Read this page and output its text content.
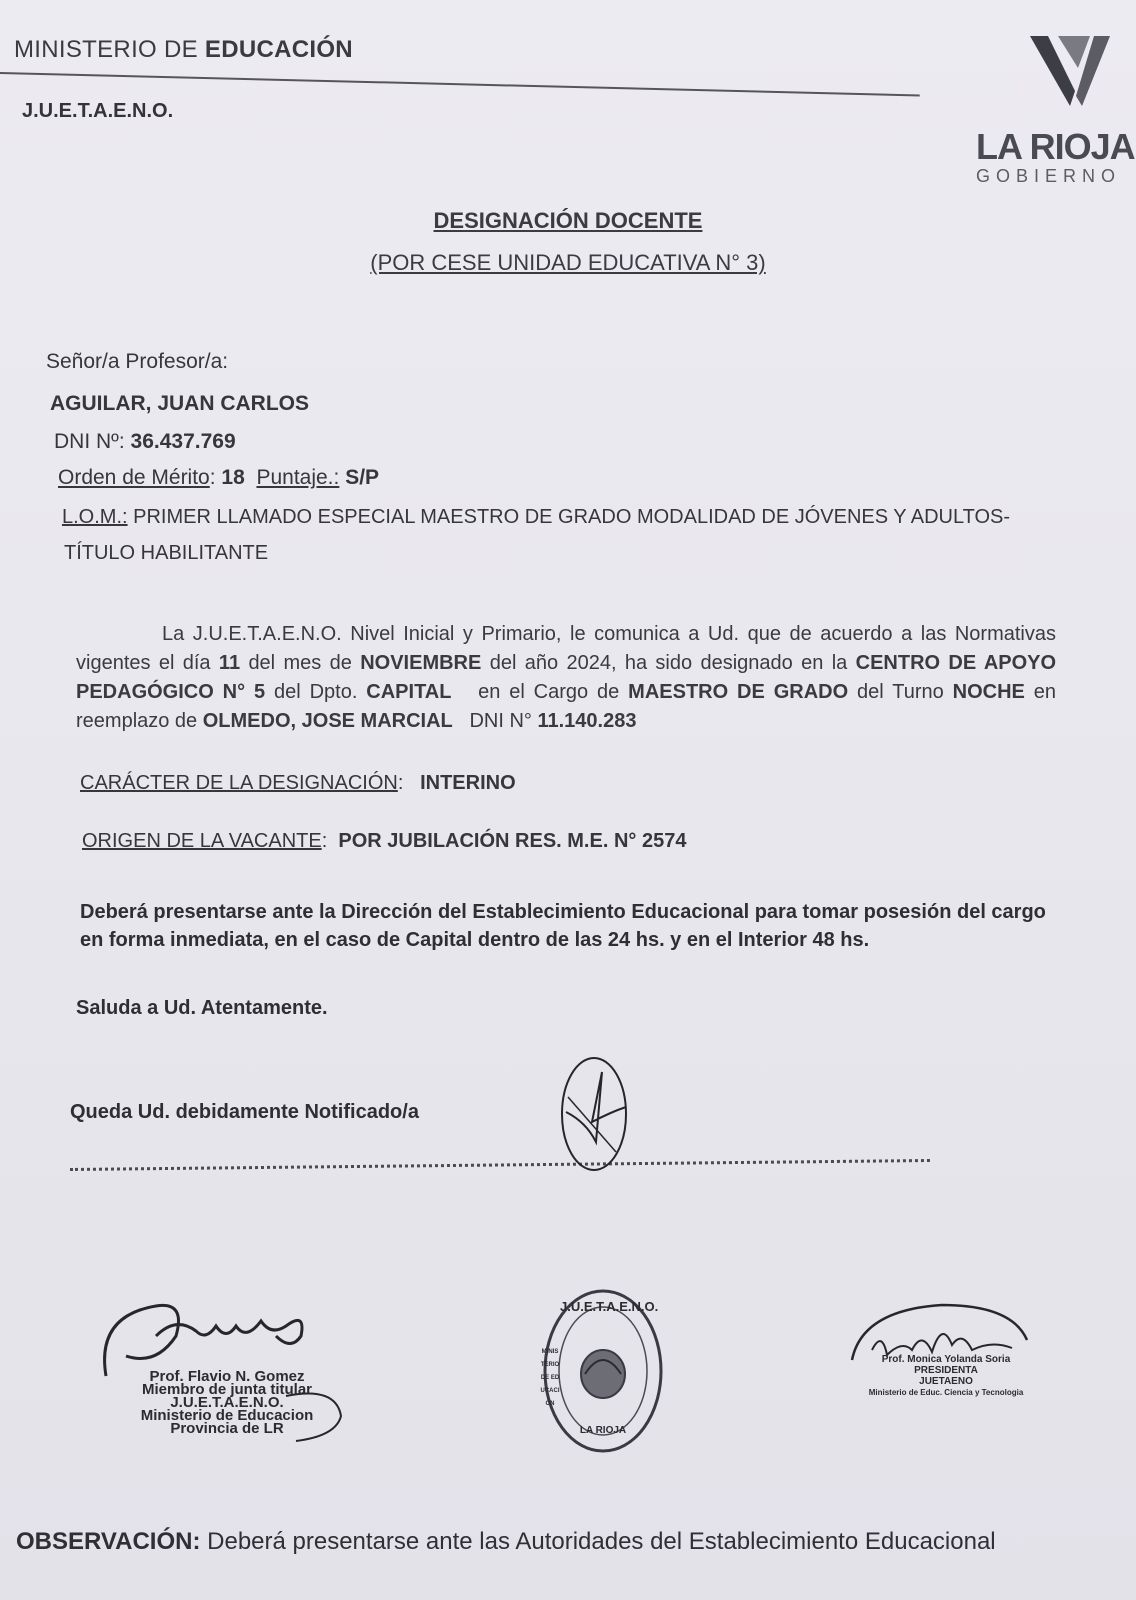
MINISTERIO DE EDUCACIÓN
J.U.E.T.A.E.N.O.
LA RIOJA
GOBIERNO
DESIGNACIÓN DOCENTE
(POR CESE UNIDAD EDUCATIVA N° 3)
Señor/a Profesor/a:
AGUILAR, JUAN CARLOS
DNI Nº: 36.437.769
Orden de Mérito: 18 Puntaje.: S/P
L.O.M.: PRIMER LLAMADO ESPECIAL MAESTRO DE GRADO MODALIDAD DE JÓVENES Y ADULTOS-
TÍTULO HABILITANTE
La J.U.E.T.A.E.N.O. Nivel Inicial y Primario, le comunica a Ud. que de acuerdo a las Normativas vigentes el día 11 del mes de NOVIEMBRE del año 2024, ha sido designado en la CENTRO DE APOYO PEDAGÓGICO N° 5 del Dpto. CAPITAL en el Cargo de MAESTRO DE GRADO del Turno NOCHE en reemplazo de OLMEDO, JOSE MARCIAL DNI N° 11.140.283
CARÁCTER DE LA DESIGNACIÓN:   INTERINO
ORIGEN DE LA VACANTE:  POR JUBILACIÓN RES. M.E. N° 2574
Deberá presentarse ante la Dirección del Establecimiento Educacional para tomar posesión del cargo en forma inmediata, en el caso de Capital dentro de las 24 hs. y en el Interior 48 hs.
Saluda a Ud. Atentamente.
Queda Ud. debidamente Notificado/a
Prof. Flavio N. Gomez
Miembro de junta titular
J.U.E.T.A.E.N.O.
Ministerio de Educacion
Provincia de LR
J.U.E.T.A.E.N.O.
MINISTERIO DE EDUCACIÓN
LA RIOJA
Prof. Monica Yolanda Soria
PRESIDENTA
JUETAENO
Ministerio de Educ. Ciencia y Tecnologia
OBSERVACIÓN: Deberá presentarse ante las Autoridades del Establecimiento Educacional
